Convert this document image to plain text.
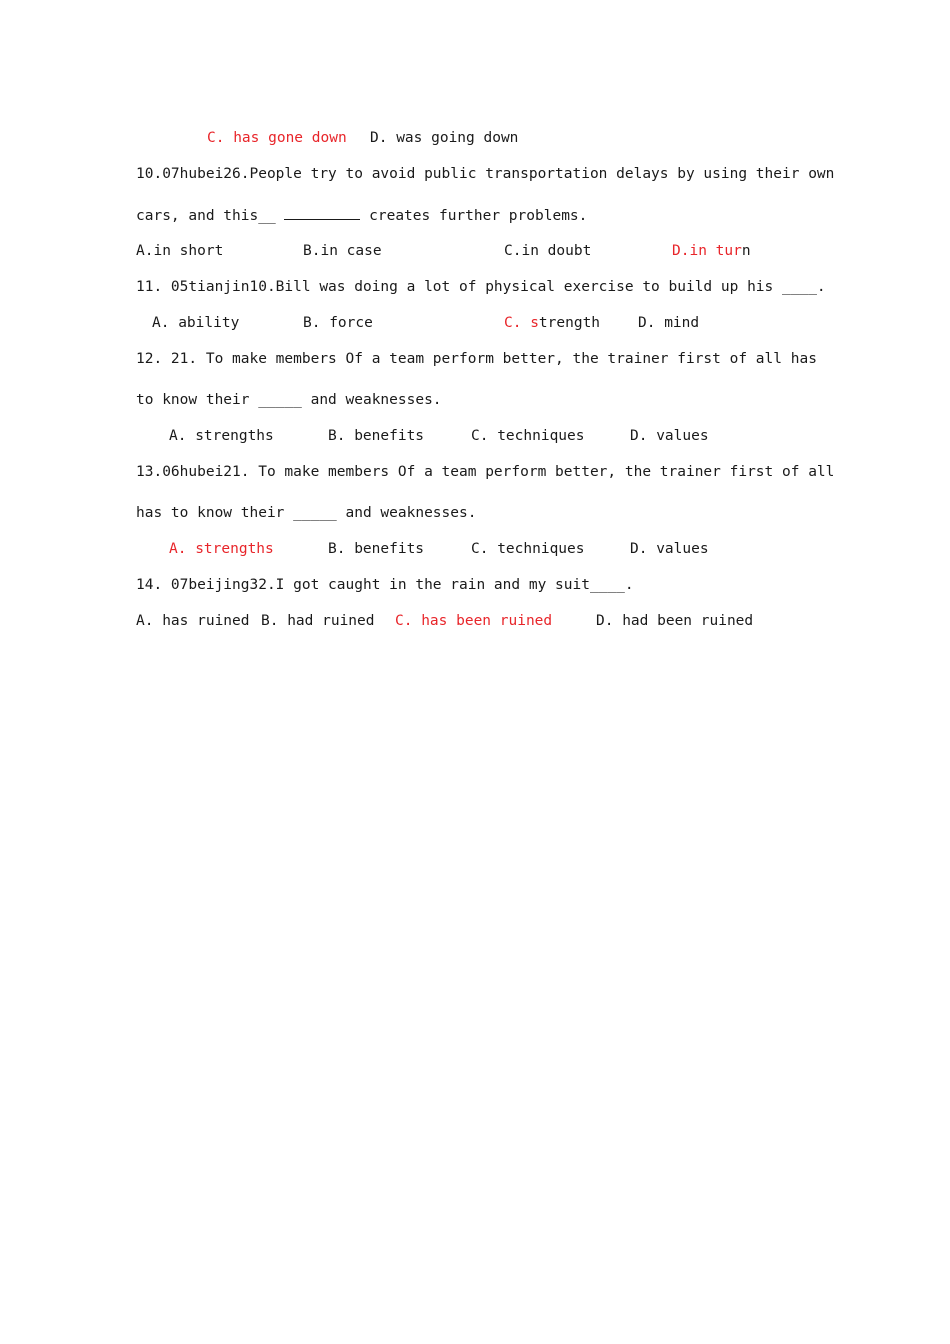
C. has gone down D. was going down
10.07hubei26.People try to avoid public transportation delays by using their own
cars, and this__	creates further problems.
A.in short	B.in case	C.in doubt	D.in turn
11. 05tianjin10.Bill was doing a lot of physical exercise to build up his ____.
A. ability	B. force	C. strength	D. mind
12. 21. To make members Of a team perform better, the trainer first of all has
to know their _____ and weaknesses.
A. strengths	B. benefits	C. techniques	D. values
13.06hubei21. To make members Of a team perform better, the trainer first of all
has to know their _____ and weaknesses.
A. strengths	B. benefits	C. techniques	D. values
14. 07beijing32.I got caught in the rain and my suit____.
A. has ruined B. had ruined C. has been ruined	D. had been ruined
